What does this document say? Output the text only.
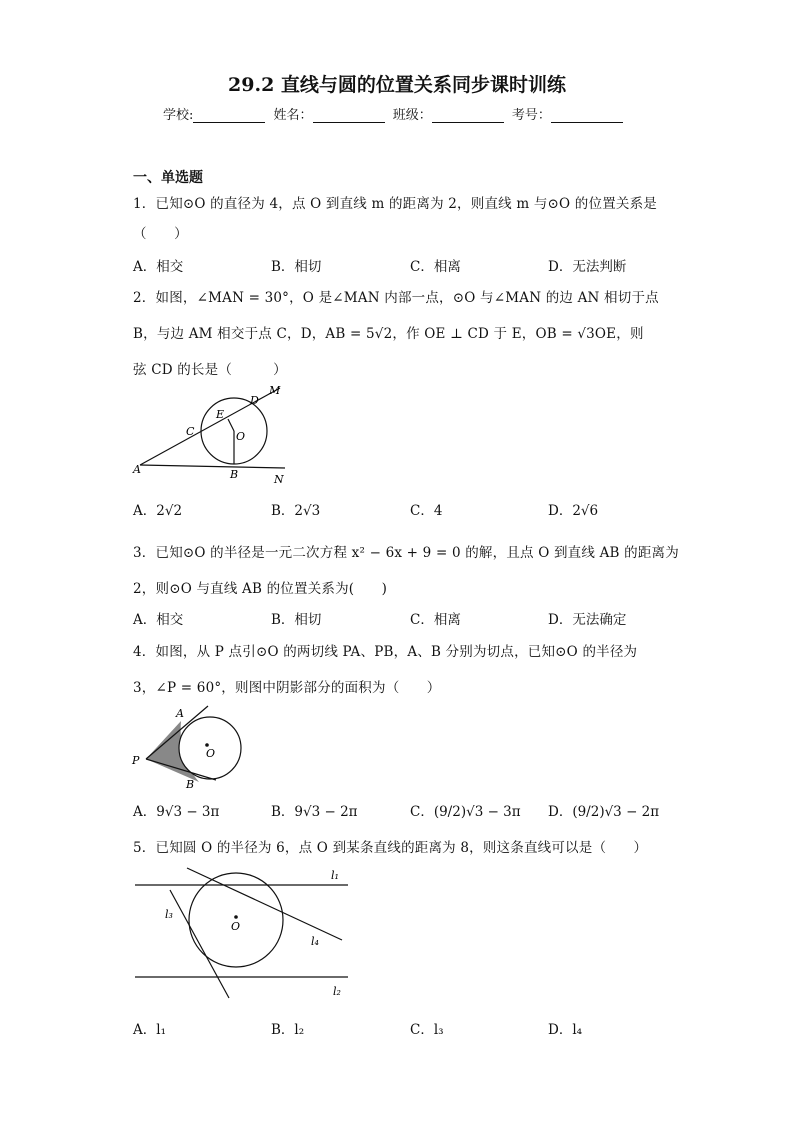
29.2 直线与圆的位置关系同步课时训练
学校:	姓名：	班级：	考号：
一、单选题
1．已知⊙O 的直径为 4，点 O 到直线 m 的距离为 2，则直线 m 与⊙O 的位置关系是
（　　）
A．相交	B．相切	C．相离	D．无法判断
2．如图，∠MAN = 30°，O 是∠MAN 内部一点，⊙O 与∠MAN 的边 AN 相切于点
B，与边 AM 相交于点 C，D，AB = 5√2，作 OE ⊥ CD 于 E，OB = √3OE，则
弦 CD 的长是（　　　）
M
D
E
C	O
A	B	N
A．2√2	B．2√3	C．4	D．2√6
3．已知⊙O 的半径是一元二次方程 x² − 6x + 9 = 0 的解，且点 O 到直线 AB 的距离为
2，则⊙O 与直线 AB 的位置关系为(　　)
A．相交	B．相切	C．相离	D．无法确定
4．如图，从 P 点引⊙O 的两切线 PA、PB，A、B 分别为切点，已知⊙O 的半径为
3，∠P = 60°，则图中阴影部分的面积为（　　）
A
P
B
O
A．9√3 − 3π	B．9√3 − 2π	C．(9/2)√3 − 3π D．(9/2)√3 − 2π
5．已知圆 O 的半径为 6，点 O 到某条直线的距离为 8，则这条直线可以是（　　）
l₁
l₂
l₃
l₄
O
A．l₁	B．l₂	C．l₃	D．l₄
